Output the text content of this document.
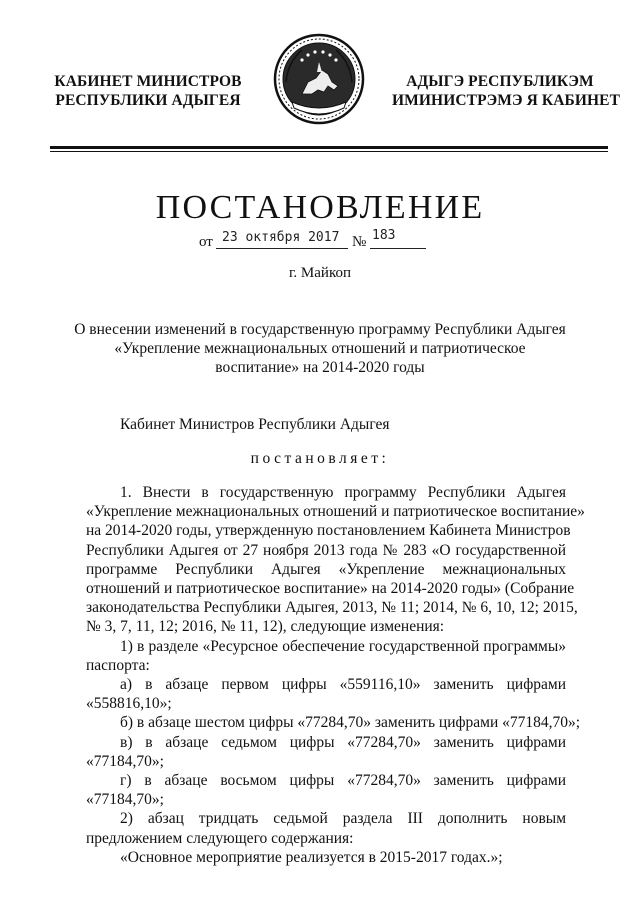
КАБИНЕТ МИНИСТРОВ
РЕСПУБЛИКИ АДЫГЕЯ
АДЫГЭ РЕСПУБЛИКЭМ
ИМИНИСТРЭМЭ Я КАБИНЕТ
ПОСТАНОВЛЕНИЕ
от 23 октября 2017 № 183
г. Майкоп
О внесении изменений в государственную программу Республики Адыгея
«Укрепление межнациональных отношений и патриотическое
воспитание» на 2014-2020 годы
Кабинет Министров Республики Адыгея
постановляет:
1. Внести в государственную программу Республики Адыгея
«Укрепление межнациональных отношений и патриотическое воспитание»
на 2014-2020 годы, утвержденную постановлением Кабинета Министров
Республики Адыгея от 27 ноября 2013 года № 283 «О государственной
программе Республики Адыгея «Укрепление межнациональных
отношений и патриотическое воспитание» на 2014-2020 годы» (Собрание
законодательства Республики Адыгея, 2013, № 11; 2014, № 6, 10, 12; 2015,
№ 3, 7, 11, 12; 2016, № 11, 12), следующие изменения:
1) в разделе «Ресурсное обеспечение государственной программы»
паспорта:
а) в абзаце первом цифры «559116,10» заменить цифрами
«558816,10»;
б) в абзаце шестом цифры «77284,70» заменить цифрами «77184,70»;
в) в абзаце седьмом цифры «77284,70» заменить цифрами
«77184,70»;
г) в абзаце восьмом цифры «77284,70» заменить цифрами
«77184,70»;
2) абзац тридцать седьмой раздела III дополнить новым
предложением следующего содержания:
«Основное мероприятие реализуется в 2015-2017 годах.»;
